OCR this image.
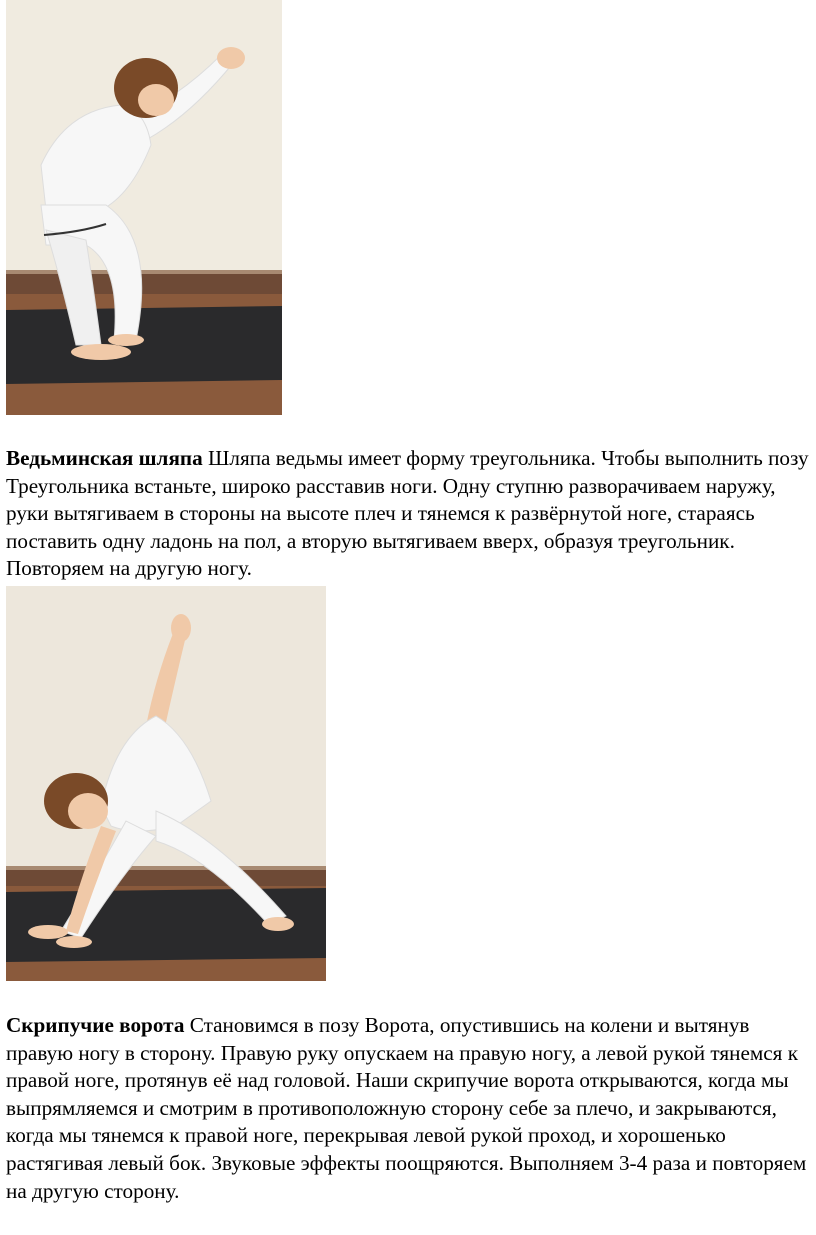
Ведьминская шляпа Шляпа ведьмы имеет форму треугольника. Чтобы выполнить позу Треугольника встаньте, широко расставив ноги. Одну ступню разворачиваем наружу, руки вытягиваем в стороны на высоте плеч и тянемся к развёрнутой ноге, стараясь поставить одну ладонь на пол, а вторую вытягиваем вверх, образуя треугольник. Повторяем на другую ногу.

Скрипучие ворота Становимся в позу Ворота, опустившись на колени и вытянув правую ногу в сторону. Правую руку опускаем на правую ногу, а левой рукой тянемся к правой ноге, протянув её над головой. Наши скрипучие ворота открываются, когда мы выпрямляемся и смотрим в противоположную сторону себе за плечо, и закрываются, когда мы тянемся к правой ноге, перекрывая левой рукой проход, и хорошенько растягивая левый бок. Звуковые эффекты поощряются. Выполняем 3-4 раза и повторяем на другую сторону.
